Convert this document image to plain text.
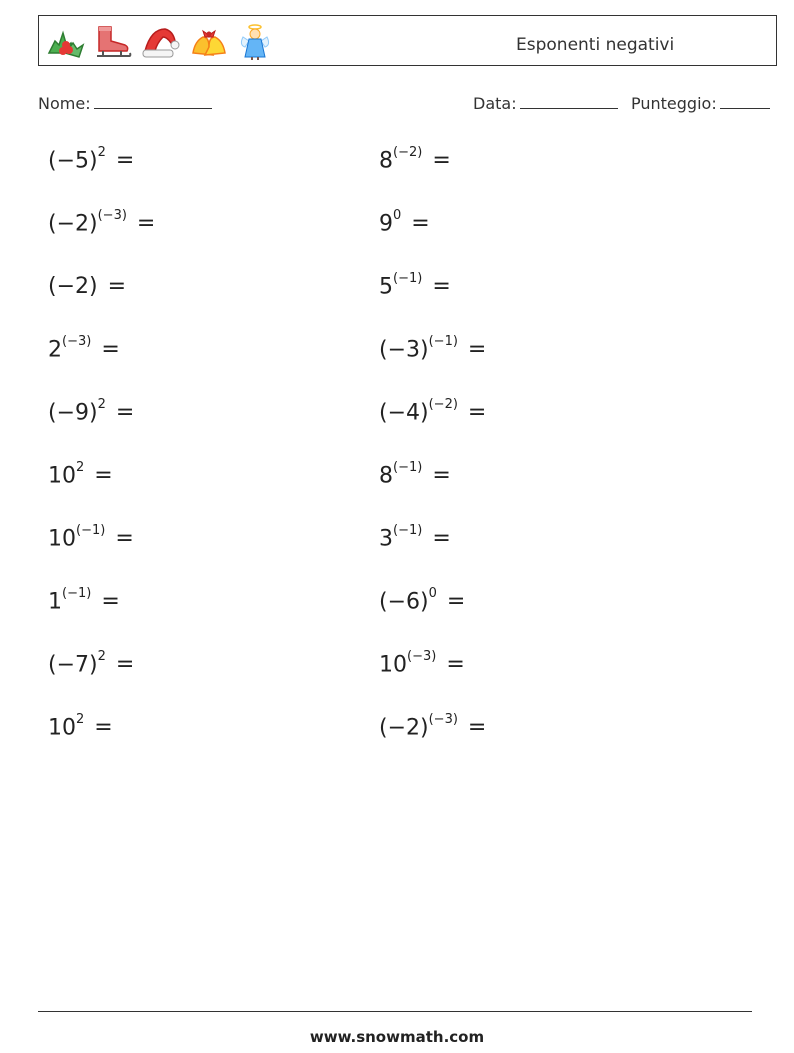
Esponenti negativi
Nome:	Data:	Punteggio:
$(-5)^2$ =	$8^{(-2)}$ =
$(-2)^{(-3)}$ =	$9^0$ =
(−2) =	$5^{(-1)}$ =
$2^{(-3)}$ =	$(-3)^{(-1)}$ =
$(-9)^2$ =	$(-4)^{(-2)}$ =
$10^2$ =	$8^{(-1)}$ =
$10^{(-1)}$ =	$3^{(-1)}$ =
$1^{(-1)}$ =	$(-6)^0$ =
$(-7)^2$ =	$10^{(-3)}$ =
$10^2$ =	$(-2)^{(-3)}$ =
www.snowmath.com
